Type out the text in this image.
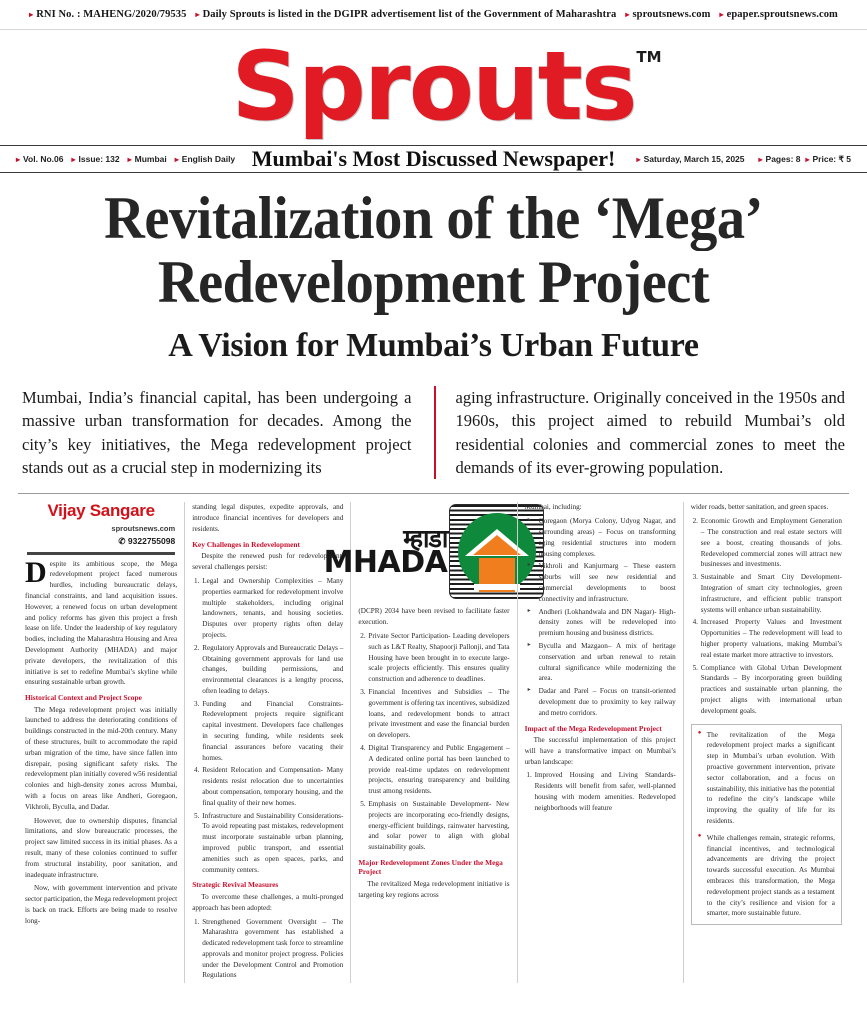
▸ RNI No. : MAHENG/2020/79535 ▸ Daily Sprouts is listed in the DGIPR advertisement list of the Government of Maharashtra ▸ sproutsnews.com ▸ epaper.sproutsnews.com
Sprouts TM
▸ Vol. No.06 ▸ Issue: 132 ▸ Mumbai ▸ English Daily Mumbai's Most Discussed Newspaper!	▸ Saturday, March 15, 2025 ▸ Pages: 8 ▸ Price: ₹ 5
Revitalization of the ‘Mega’
Redevelopment Project
A Vision for Mumbai’s Urban Future
Mumbai, India’s financial capital, has been undergoing a massive urban transformation for decades. Among the city’s key initiatives, the Mega redevelopment project stands out as a crucial step in modernizing its
aging infrastructure. Originally conceived in the 1950s and 1960s, this project aimed to rebuild Mumbai’s old residential colonies and commercial zones to meet the demands of its ever-growing population.
Vijay Sangare
sproutsnews.com
✆ 9322755098

Despite its ambitious scope, the Mega redevelopment project faced numerous hurdles, including bureaucratic delays, financial constraints, and land acquisition issues. However, a renewed focus on urban development and policy reforms has given this project a fresh lease on life. Under the leadership of key regulatory bodies, including the Maharashtra Housing and Area Development Authority (MHADA) and major private developers, the revitalization of this initiative is set to redefine Mumbai’s skyline while ensuring sustainable urban growth.

Historical Context and Project Scope

The Mega redevelopment project was initially launched to address the deteriorating conditions of buildings constructed in the mid-20th century. Many of these structures, built to accommodate the rapid urban migration of the time, have since fallen into disrepair, posing significant safety risks. The redevelopment plan initially covered w56 residential colonies and high-density zones across Mumbai, with a focus on areas like Andheri, Goregaon, Vikhroli, Byculla, and Dadar.

However, due to ownership disputes, financial limitations, and slow bureaucratic processes, the project saw limited success in its initial phases. As a result, many of these colonies continued to suffer from structural instability, poor sanitation, and inadequate infrastructure.

Now, with government intervention and private sector participation, the Mega redevelopment project is back on track. Efforts are being made to resolve long-

standing legal disputes, expedite approvals, and introduce financial incentives for developers and residents.

Key Challenges in Redevelopment

Despite the renewed push for redevelopment, several challenges persist:

1. Legal and Ownership Complexities – Many properties earmarked for redevelopment involve multiple stakeholders, including original landowners, tenants, and housing societies. Disputes over property rights often delay projects.
2. Regulatory Approvals and Bureaucratic Delays – Obtaining government approvals for land use changes, building permissions, and environmental clearances is a lengthy process, often leading to delays.
3. Funding and Financial Constraints- Redevelopment projects require significant capital investment. Developers face challenges in securing funding, while residents seek financial assurances before vacating their homes.
4. Resident Relocation and Compensation- Many residents resist relocation due to uncertainties about compensation, temporary housing, and the final quality of their new homes.
5. Infrastructure and Sustainability Considerations-To avoid repeating past mistakes, redevelopment must incorporate sustainable urban planning, improved public transport, and essential amenities such as open spaces, parks, and community centers.
Strategic Revival Measures

To overcome these challenges, a multi-pronged approach has been adopted:

1. Strengthened Government Oversight – The Maharashtra government has established a dedicated redevelopment task force to streamline approvals and monitor project progress. Policies under the Development Control and Promotion Regulations
म्हाडा
MHADA

(DCPR) 2034 have been revised to facilitate faster execution.

2. Private Sector Participation- Leading developers such as L&T Realty, Shapoorji Pallonji, and Tata Housing have been brought in to execute large-scale projects efficiently. This ensures quality construction and adherence to deadlines.
3. Financial Incentives and Subsidies – The government is offering tax incentives, subsidized loans, and redevelopment bonds to attract private investment and ease the financial burden on developers.
4. Digital Transparency and Public Engagement – A dedicated online portal has been launched to provide real-time updates on redevelopment projects, ensuring transparency and building trust among residents.
5. Emphasis on Sustainable Development- New projects are incorporating eco-friendly designs, energy-efficient buildings, rainwater harvesting, and solar power to align with global sustainability goals.
Major Redevelopment Zones Under the Mega Project

The revitalized Mega redevelopment initiative is targeting key regions across

Mumbai, including:

▸ Goregaon (Morya Colony, Udyog Nagar, and surrounding areas) – Focus on transforming aging residential structures into modern housing complexes.
▸ Vikhroli and Kanjurmarg – These eastern suburbs will see new residential and commercial developments to boost connectivity and infrastructure.
▸ Andheri (Lokhandwala and DN Nagar)- High-density zones will be redeveloped into premium housing and business districts.
▸ Byculla and Mazgaon– A mix of heritage conservation and urban renewal to retain cultural significance while modernizing the area.
▸ Dadar and Parel – Focus on transit-oriented development due to proximity to key railway and metro corridors.
Impact of the Mega Redevelopment Project

The successful implementation of this project will have a transformative impact on Mumbai’s urban landscape:

1. Improved Housing and Living Standards- Residents will benefit from safer, well-planned housing with modern amenities. Redeveloped neighborhoods will feature

wider roads, better sanitation, and green spaces.

2. Economic Growth and Employment Generation – The construction and real estate sectors will see a boost, creating thousands of jobs. Redeveloped commercial zones will attract new businesses and investments.
3. Sustainable and Smart City Development- Integration of smart city technologies, green infrastructure, and efficient public transport systems will enhance urban sustainability.
4. Increased Property Values and Investment Opportunities – The redevelopment will lead to higher property valuations, making Mumbai’s real estate market more attractive to investors.
5. Compliance with Global Urban Development Standards – By incorporating green building practices and sustainable urban planning, the project aligns with international urban development goals.
● The revitalization of the Mega redevelopment project marks a significant step in Mumbai’s urban evolution. With proactive government intervention, private sector collaboration, and a focus on sustainability, this initiative has the potential to redefine the city’s landscape while improving the quality of life for its residents.
● While challenges remain, strategic reforms, financial incentives, and technological advancements are driving the project towards successful execution. As Mumbai embraces this transformation, the Mega redevelopment project stands as a testament to the city’s resilience and vision for a smarter, more sustainable future.
